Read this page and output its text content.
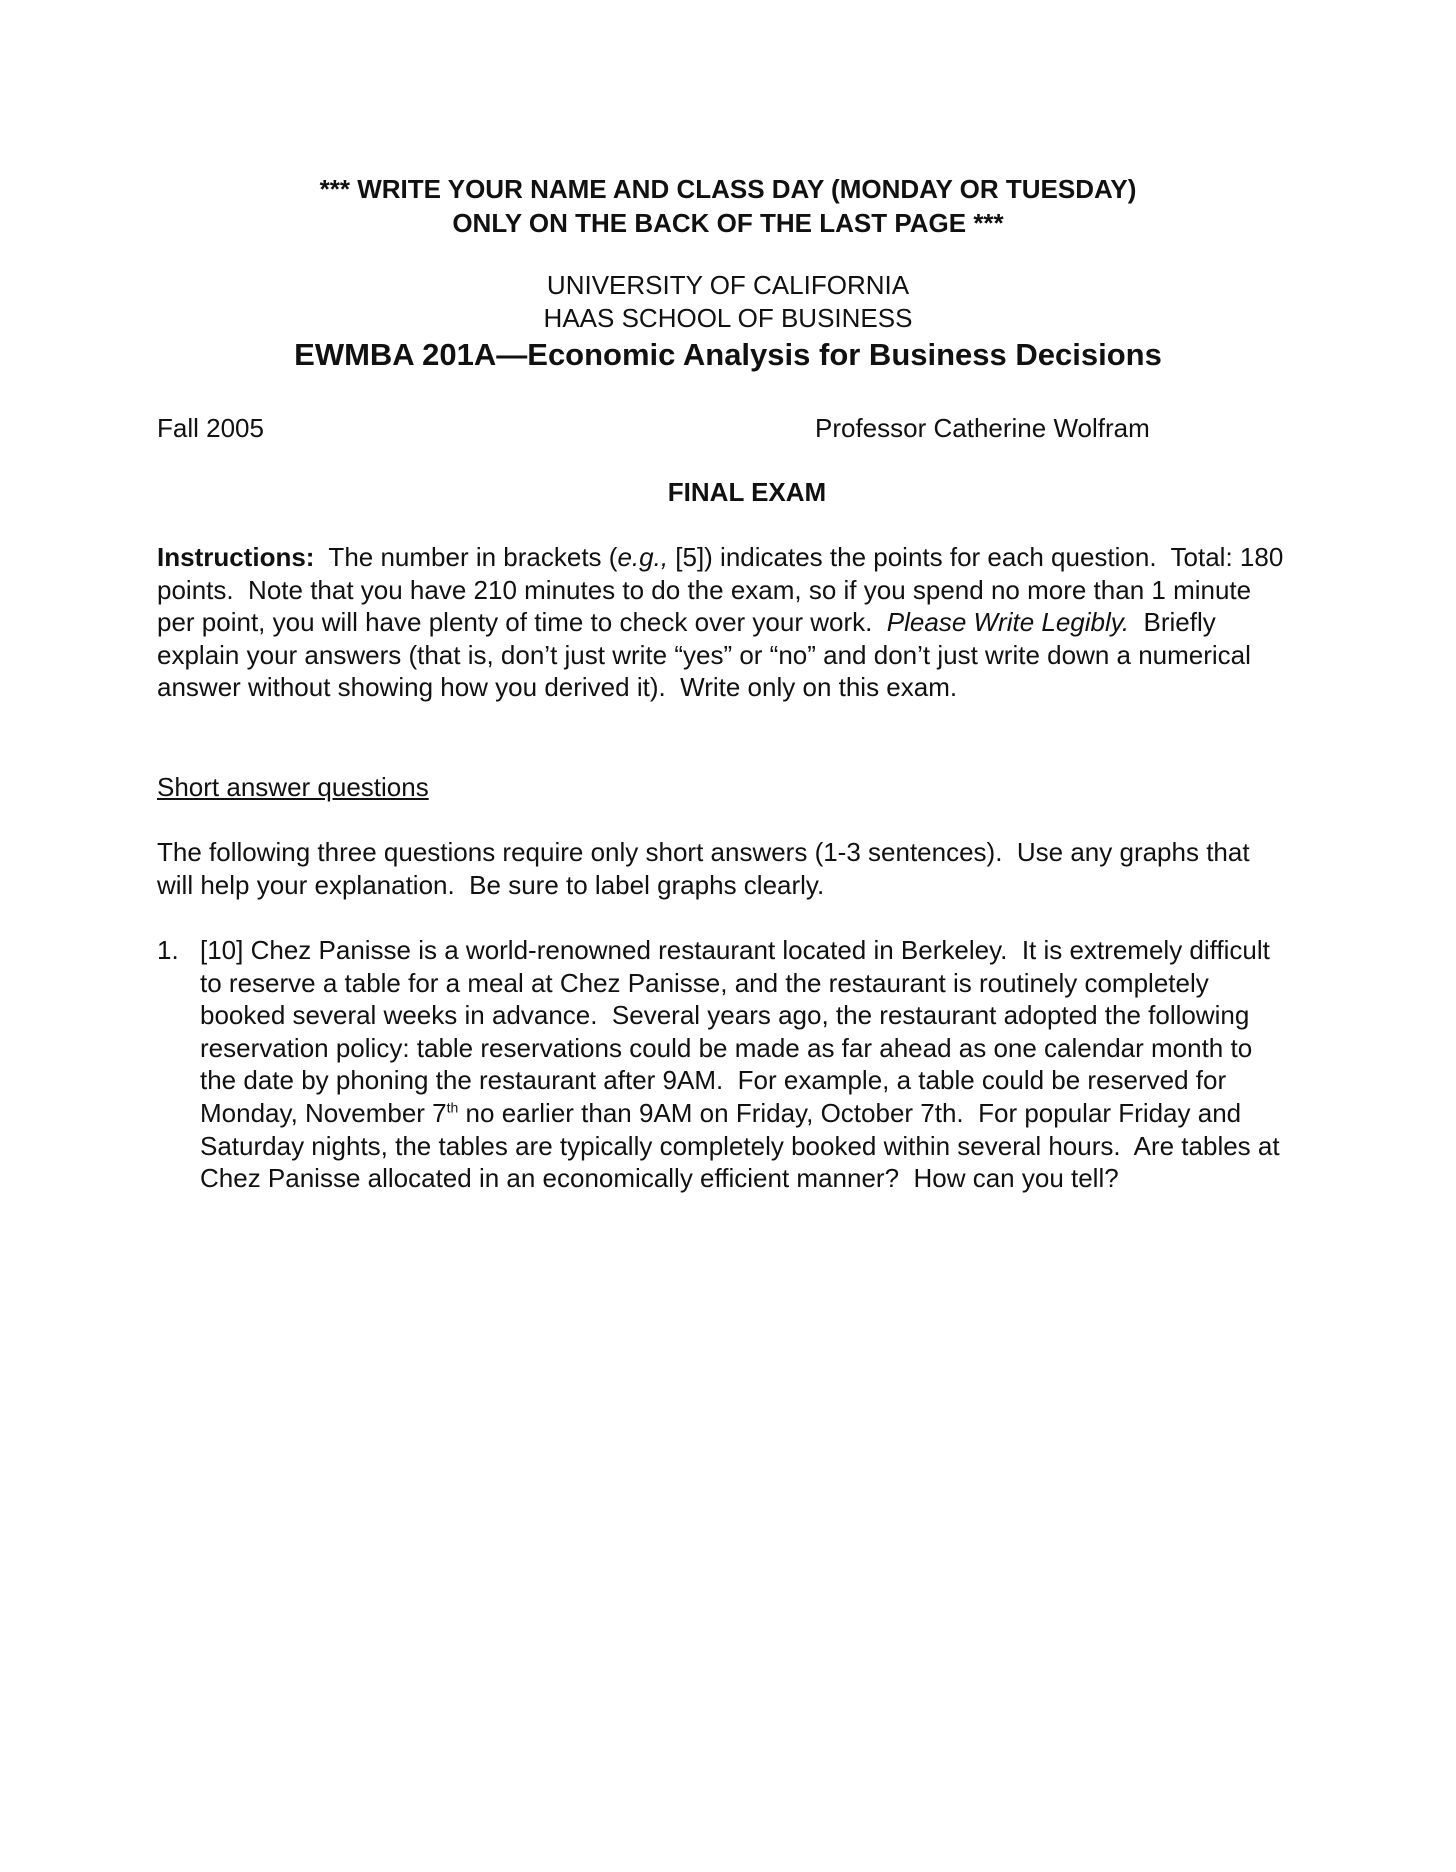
*** WRITE YOUR NAME AND CLASS DAY (MONDAY OR TUESDAY)
ONLY ON THE BACK OF THE LAST PAGE ***
UNIVERSITY OF CALIFORNIA
HAAS SCHOOL OF BUSINESS
EWMBA 201A—Economic Analysis for Business Decisions
Fall 2005	Professor Catherine Wolfram
FINAL EXAM
Instructions:  The number in brackets (e.g., [5]) indicates the points for each question.  Total: 180 points.  Note that you have 210 minutes to do the exam, so if you spend no more than 1 minute per point, you will have plenty of time to check over your work.  Please Write Legibly.  Briefly explain your answers (that is, don’t just write “yes” or “no” and don’t just write down a numerical answer without showing how you derived it).  Write only on this exam.
Short answer questions
The following three questions require only short answers (1-3 sentences).  Use any graphs that will help your explanation.  Be sure to label graphs clearly.
1. [10] Chez Panisse is a world-renowned restaurant located in Berkeley.  It is extremely difficult to reserve a table for a meal at Chez Panisse, and the restaurant is routinely completely booked several weeks in advance.  Several years ago, the restaurant adopted the following reservation policy: table reservations could be made as far ahead as one calendar month to the date by phoning the restaurant after 9AM.  For example, a table could be reserved for Monday, November 7th no earlier than 9AM on Friday, October 7th.  For popular Friday and Saturday nights, the tables are typically completely booked within several hours.  Are tables at Chez Panisse allocated in an economically efficient manner?  How can you tell?
